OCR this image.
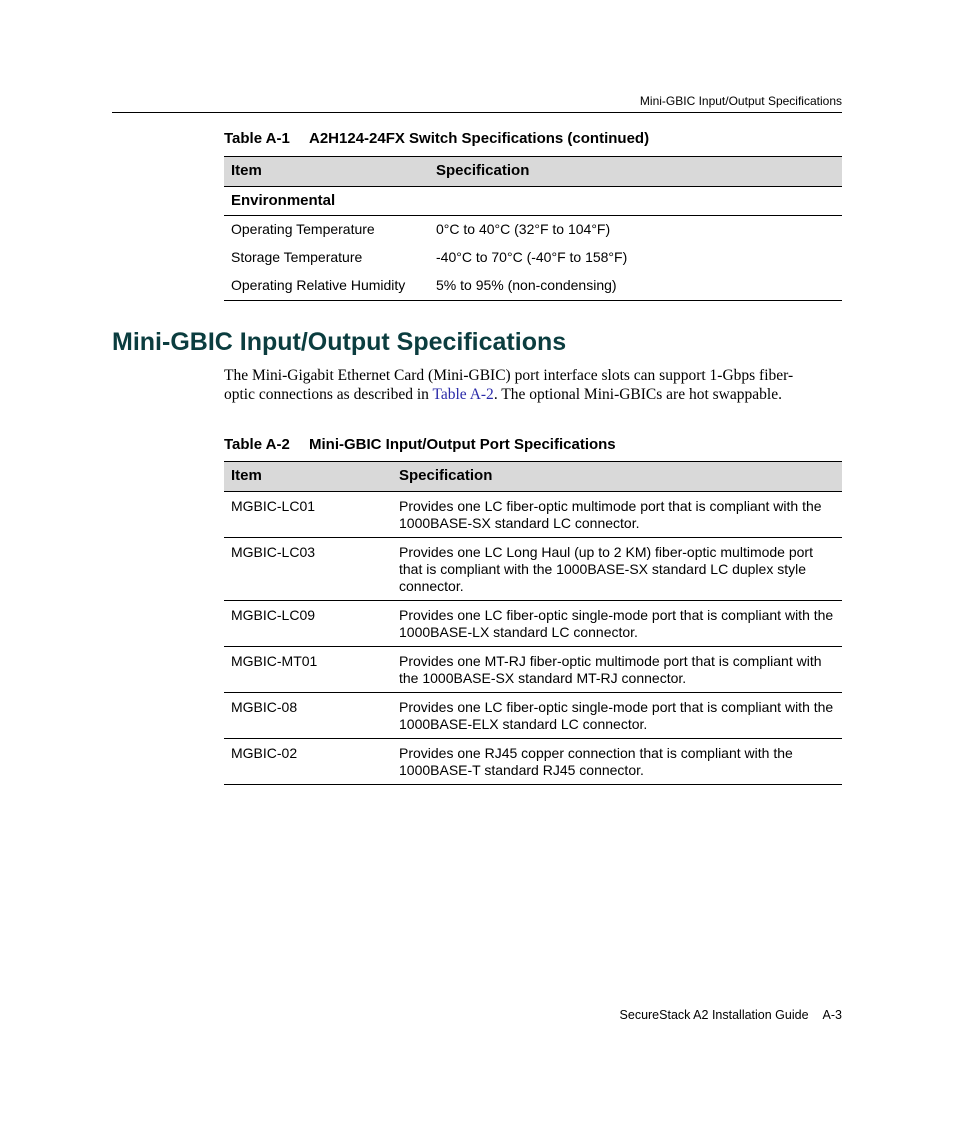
Mini-GBIC Input/Output Specifications
Table A-1 A2H124-24FX Switch Specifications (continued)
Item	Specification
Environmental	
Operating Temperature	0°C to 40°C (32°F to 104°F)
Storage Temperature	-40°C to 70°C (-40°F to 158°F)
Operating Relative Humidity	5% to 95% (non-condensing)
Mini-GBIC Input/Output Specifications

The Mini-Gigabit Ethernet Card (Mini-GBIC) port interface slots can support 1-Gbps fiber-optic connections as described in Table A-2. The optional Mini-GBICs are hot swappable.

Table A-2 Mini-GBIC Input/Output Port Specifications
Item	Specification
MGBIC-LC01	Provides one LC fiber-optic multimode port that is compliant with the 1000BASE-SX standard LC connector.
MGBIC-LC03	Provides one LC Long Haul (up to 2 KM) fiber-optic multimode port that is compliant with the 1000BASE-SX standard LC duplex style connector.
MGBIC-LC09	Provides one LC fiber-optic single-mode port that is compliant with the 1000BASE-LX standard LC connector.
MGBIC-MT01	Provides one MT-RJ fiber-optic multimode port that is compliant with the 1000BASE-SX standard MT-RJ connector.
MGBIC-08	Provides one LC fiber-optic single-mode port that is compliant with the 1000BASE-ELX standard LC connector.
MGBIC-02	Provides one RJ45 copper connection that is compliant with the 1000BASE-T standard RJ45 connector.
SecureStack A2 Installation Guide A-3
